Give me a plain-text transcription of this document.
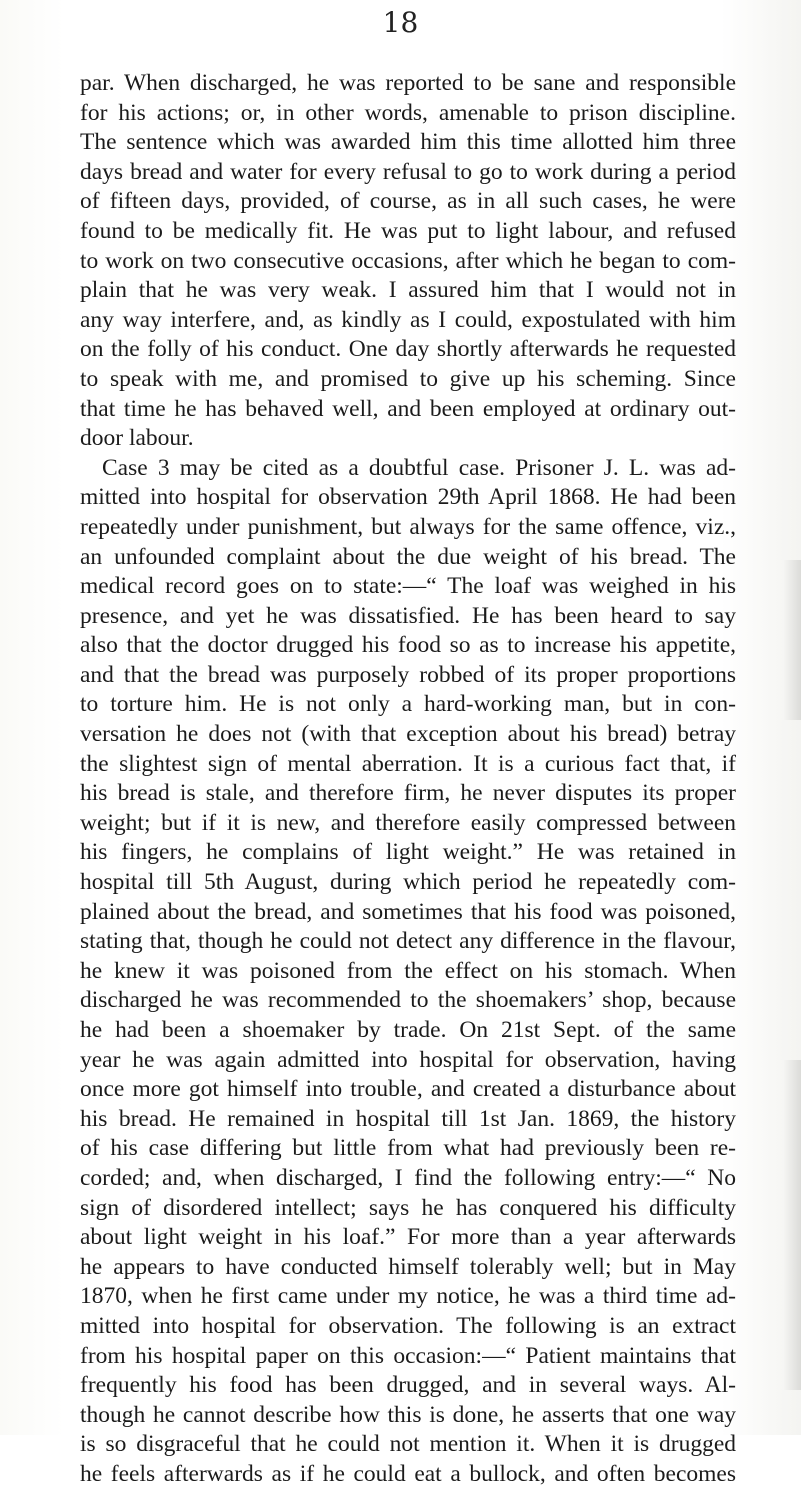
18
par. When discharged, he was reported to be sane and responsible
for his actions; or, in other words, amenable to prison discipline.
The sentence which was awarded him this time allotted him three
days bread and water for every refusal to go to work during a period
of fifteen days, provided, of course, as in all such cases, he were
found to be medically fit. He was put to light labour, and refused
to work on two consecutive occasions, after which he began to com-
plain that he was very weak. I assured him that I would not in
any way interfere, and, as kindly as I could, expostulated with him
on the folly of his conduct. One day shortly afterwards he requested
to speak with me, and promised to give up his scheming. Since
that time he has behaved well, and been employed at ordinary out-
door labour.
Case 3 may be cited as a doubtful case. Prisoner J. L. was ad-
mitted into hospital for observation 29th April 1868. He had been
repeatedly under punishment, but always for the same offence, viz.,
an unfounded complaint about the due weight of his bread. The
medical record goes on to state:—“ The loaf was weighed in his
presence, and yet he was dissatisfied. He has been heard to say
also that the doctor drugged his food so as to increase his appetite,
and that the bread was purposely robbed of its proper proportions
to torture him. He is not only a hard-working man, but in con-
versation he does not (with that exception about his bread) betray
the slightest sign of mental aberration. It is a curious fact that, if
his bread is stale, and therefore firm, he never disputes its proper
weight; but if it is new, and therefore easily compressed between
his fingers, he complains of light weight.” He was retained in
hospital till 5th August, during which period he repeatedly com-
plained about the bread, and sometimes that his food was poisoned,
stating that, though he could not detect any difference in the flavour,
he knew it was poisoned from the effect on his stomach. When
discharged he was recommended to the shoemakers’ shop, because
he had been a shoemaker by trade. On 21st Sept. of the same
year he was again admitted into hospital for observation, having
once more got himself into trouble, and created a disturbance about
his bread. He remained in hospital till 1st Jan. 1869, the history
of his case differing but little from what had previously been re-
corded; and, when discharged, I find the following entry:—“ No
sign of disordered intellect; says he has conquered his difficulty
about light weight in his loaf.” For more than a year afterwards
he appears to have conducted himself tolerably well; but in May
1870, when he first came under my notice, he was a third time ad-
mitted into hospital for observation. The following is an extract
from his hospital paper on this occasion:—“ Patient maintains that
frequently his food has been drugged, and in several ways. Al-
though he cannot describe how this is done, he asserts that one way
is so disgraceful that he could not mention it. When it is drugged
he feels afterwards as if he could eat a bullock, and often becomes
